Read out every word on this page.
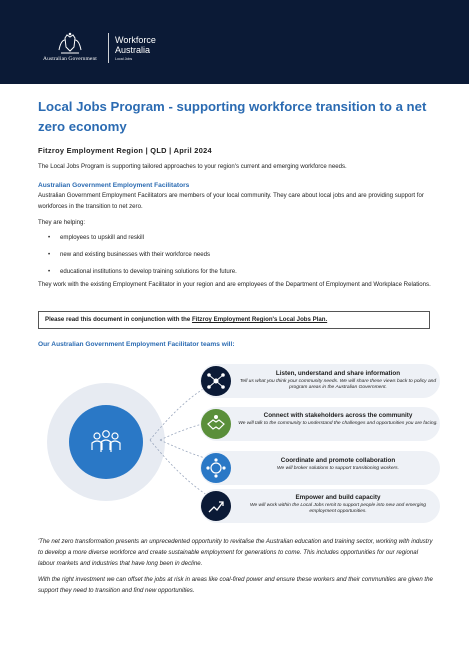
Australian Government
Workforce
Australia
Local Jobs
Local Jobs Program - supporting workforce transition to a net zero economy
Fitzroy Employment Region | QLD | April 2024
The Local Jobs Program is supporting tailored approaches to your region's current and emerging workforce needs.
Australian Government Employment Facilitators
Australian Government Employment Facilitators are members of your local community. They care about local jobs and are providing support for workforces in the transition to net zero.
They are helping:
• employees to upskill and reskill
• new and existing businesses with their workforce needs
• educational institutions to develop training solutions for the future.
They work with the existing Employment Facilitator in your region and are employees of the Department of Employment and Workplace Relations.
Please read this document in conjunction with the Fitzroy Employment Region's Local Jobs Plan.
Our Australian Government Employment Facilitator teams will:
Listen, understand and share information
Tell us what you think your community needs. We will share these views back to policy and program areas in the Australian Government.
Connect with stakeholders across the community
We will talk to the community to understand the challenges and opportunities you are facing.
Coordinate and promote collaboration
We will broker solutions to support transitioning workers.
Empower and build capacity
We will work within the Local Jobs remit to support people into new and emerging employment opportunities.
'The net zero transformation presents an unprecedented opportunity to revitalise the Australian education and training sector, working with industry to develop a more diverse workforce and create sustainable employment for generations to come. This includes opportunities for our regional labour markets and industries that have long been in decline.
With the right investment we can offset the jobs at risk in areas like coal-fired power and ensure these workers and their communities are given the support they need to transition and find new opportunities.
